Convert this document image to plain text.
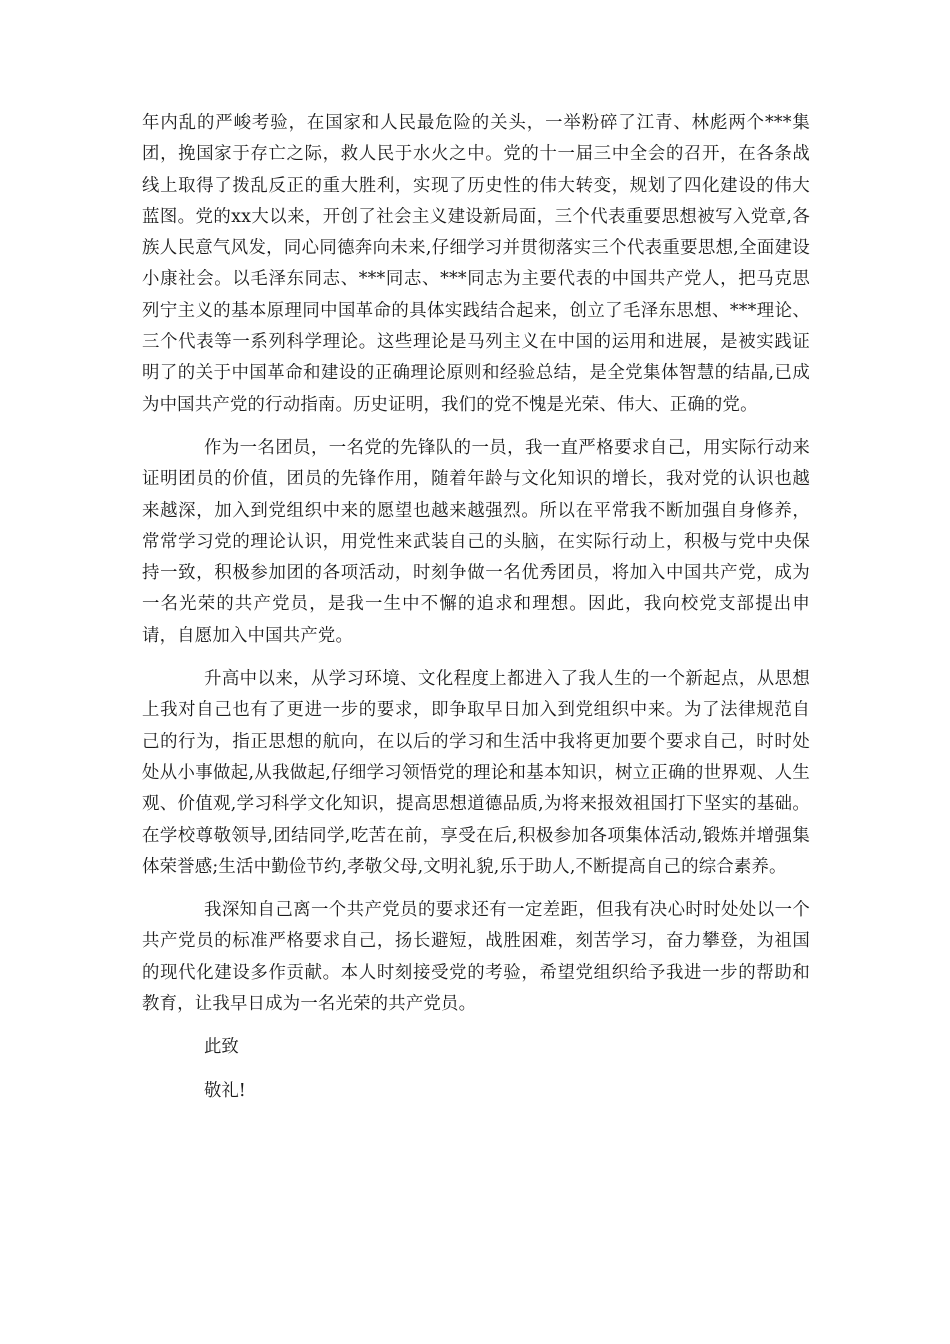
年内乱的严峻考验，在国家和人民最危险的关头，一举粉碎了江青、林彪两个***集团，挽国家于存亡之际，救人民于水火之中。党的十一届三中全会的召开，在各条战线上取得了拨乱反正的重大胜利，实现了历史性的伟大转变，规划了四化建设的伟大蓝图。党的xx大以来，开创了社会主义建设新局面，三个代表重要思想被写入党章,各族人民意气风发，同心同德奔向未来,仔细学习并贯彻落实三个代表重要思想,全面建设小康社会。以毛泽东同志、***同志、***同志为主要代表的中国共产党人，把马克思列宁主义的基本原理同中国革命的具体实践结合起来，创立了毛泽东思想、***理论、三个代表等一系列科学理论。这些理论是马列主义在中国的运用和进展，是被实践证明了的关于中国革命和建设的正确理论原则和经验总结，是全党集体智慧的结晶,已成为中国共产党的行动指南。历史证明，我们的党不愧是光荣、伟大、正确的党。

作为一名团员，一名党的先锋队的一员，我一直严格要求自己，用实际行动来证明团员的价值，团员的先锋作用，随着年龄与文化知识的增长，我对党的认识也越来越深，加入到党组织中来的愿望也越来越强烈。所以在平常我不断加强自身修养，常常学习党的理论认识，用党性来武装自己的头脑，在实际行动上，积极与党中央保持一致，积极参加团的各项活动，时刻争做一名优秀团员，将加入中国共产党，成为一名光荣的共产党员，是我一生中不懈的追求和理想。因此，我向校党支部提出申请，自愿加入中国共产党。

升高中以来，从学习环境、文化程度上都进入了我人生的一个新起点，从思想上我对自己也有了更进一步的要求，即争取早日加入到党组织中来。为了法律规范自己的行为，指正思想的航向，在以后的学习和生活中我将更加要个要求自己，时时处处从小事做起,从我做起,仔细学习领悟党的理论和基本知识，树立正确的世界观、人生观、价值观,学习科学文化知识，提高思想道德品质,为将来报效祖国打下坚实的基础。在学校尊敬领导,团结同学,吃苦在前，享受在后,积极参加各项集体活动,锻炼并增强集体荣誉感;生活中勤俭节约,孝敬父母,文明礼貌,乐于助人,不断提高自己的综合素养。

我深知自己离一个共产党员的要求还有一定差距，但我有决心时时处处以一个共产党员的标准严格要求自己，扬长避短，战胜困难，刻苦学习，奋力攀登，为祖国的现代化建设多作贡献。本人时刻接受党的考验，希望党组织给予我进一步的帮助和教育，让我早日成为一名光荣的共产党员。

此致

敬礼!
